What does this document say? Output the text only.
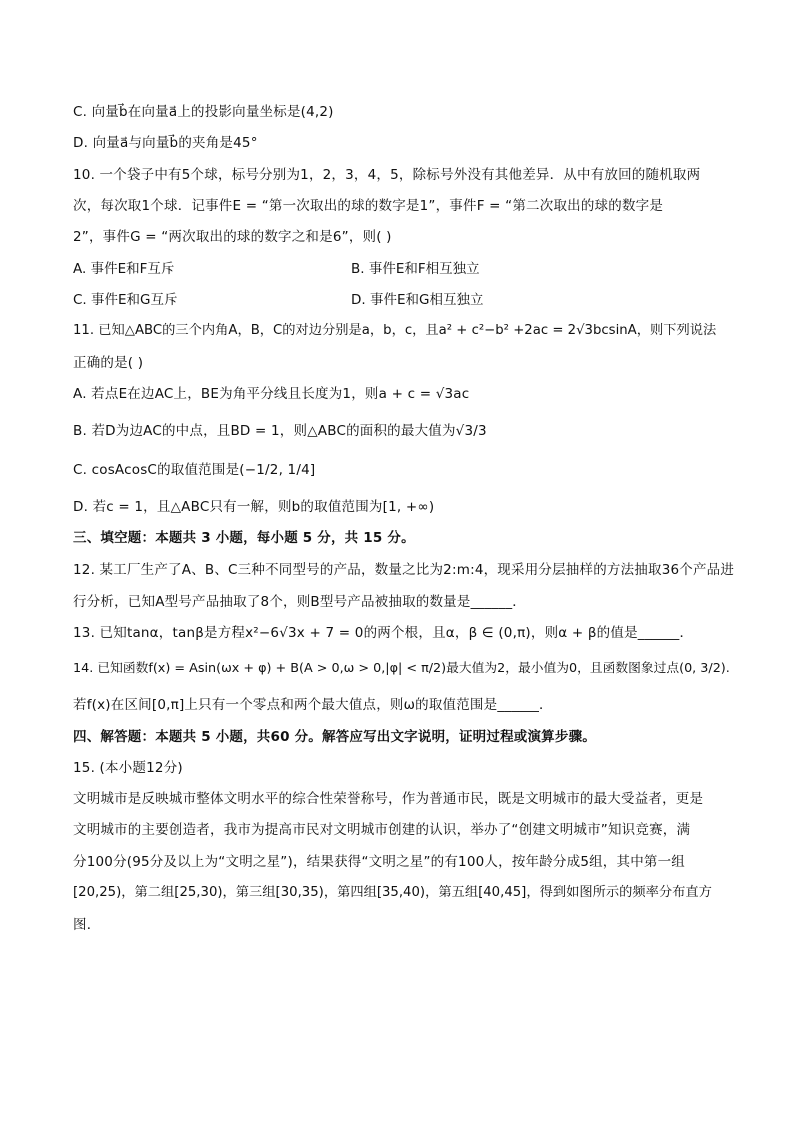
C. 向量b⃗在向量a⃗上的投影向量坐标是(4,2)
D. 向量a⃗与向量b⃗的夹角是45°
10. 一个袋子中有5个球，标号分别为1，2，3，4，5，除标号外没有其他差异．从中有放回的随机取两
次，每次取1个球．记事件E = “第一次取出的球的数字是1”，事件F = “第二次取出的球的数字是
2”，事件G = “两次取出的球的数字之和是6”，则( )
A. 事件E和F互斥	B. 事件E和F相互独立
C. 事件E和G互斥	D. 事件E和G相互独立
11. 已知△ABC的三个内角A，B，C的对边分别是a，b，c，且a² + c²−b² +2ac = 2√3bcsinA，则下列说法
正确的是( )
A. 若点E在边AC上，BE为角平分线且长度为1，则a + c = √3ac
B. 若D为边AC的中点，且BD = 1，则△ABC的面积的最大值为√3/3
C. cosAcosC的取值范围是(−1/2, 1/4]
D. 若c = 1，且△ABC只有一解，则b的取值范围为[1, +∞)
三、填空题：本题共 3 小题，每小题 5 分，共 15 分。
12. 某工厂生产了A、B、C三种不同型号的产品，数量之比为2:m:4，现采用分层抽样的方法抽取36个产品进
行分析，已知A型号产品抽取了8个，则B型号产品被抽取的数量是______．
13. 已知tanα，tanβ是方程x²−6√3x + 7 = 0的两个根，且α，β ∈ (0,π)，则α + β的值是______．
14. 已知函数f(x) = Asin(ωx + φ) + B(A > 0,ω > 0,|φ| < π/2)最大值为2，最小值为0，且函数图象过点(0, 3/2).
若f(x)在区间[0,π]上只有一个零点和两个最大值点，则ω的取值范围是______．
四、解答题：本题共 5 小题，共60 分。解答应写出文字说明，证明过程或演算步骤。
15. (本小题12分)
文明城市是反映城市整体文明水平的综合性荣誉称号，作为普通市民，既是文明城市的最大受益者，更是
文明城市的主要创造者，我市为提高市民对文明城市创建的认识，举办了“创建文明城市”知识竞赛，满
分100分(95分及以上为“文明之星”)，结果获得“文明之星”的有100人，按年龄分成5组，其中第一组
[20,25)，第二组[25,30)，第三组[30,35)，第四组[35,40)，第五组[40,45]，得到如图所示的频率分布直方
图．
